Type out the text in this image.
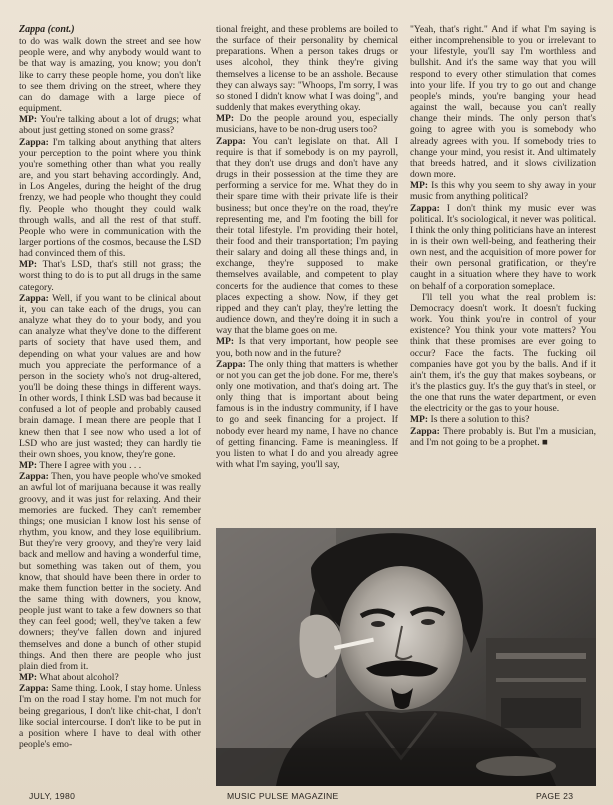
Zappa (cont.)

to do was walk down the street and see how people were, and why anybody would want to be that way is amazing, you know; you don't like to carry these people home, you don't like to see them driving on the street, where they can do damage with a large piece of equipment.

MP: You're talking about a lot of drugs; what about just getting stoned on some grass?

Zappa: I'm talking about anything that alters your perception to the point where you think you're something other than what you really are, and you start behaving accordingly. And, in Los Angeles, during the height of the drug frenzy, we had people who thought they could fly. People who thought they could walk through walls, and all the rest of that stuff. People who were in communication with the larger portions of the cosmos, because the LSD had convinced them of this.

MP: That's LSD, that's still not grass; the worst thing to do is to put all drugs in the same category.

Zappa: Well, if you want to be clinical about it, you can take each of the drugs, you can analyze what they do to your body, and you can analyze what they've done to the different parts of society that have used them, and depending on what your values are and how much you appreciate the performance of a person in the society who's not drug-altered, you'll be doing these things in different ways. In other words, I think LSD was bad because it confused a lot of people and probably caused brain damage. I mean there are people that I knew then that I see now who used a lot of LSD who are just wasted; they can hardly tie their own shoes, you know, they're gone.

MP: There I agree with you . . .

Zappa: Then, you have people who've smoked an awful lot of marijuana because it was really groovy, and it was just for relaxing. And their memories are fucked. They can't remember things; one musician I know lost his sense of rhythm, you know, and they lose equilibrium. But they're very groovy, and they're very laid back and mellow and having a wonderful time, but something was taken out of them, you know, that should have been there in order to make them function better in the society. And the same thing with downers, you know, people just want to take a few downers so that they can feel good; well, they've taken a few downers; they've fallen down and injured themselves and done a bunch of other stupid things. And then there are people who just plain died from it.

MP: What about alcohol?

Zappa: Same thing. Look, I stay home. Unless I'm on the road I stay home. I'm not much for being gregarious, I don't like chit-chat, I don't like social intercourse. I don't like to be put in a position where I have to deal with other people's emo-

tional freight, and these problems are boiled to the surface of their personality by chemical preparations. When a person takes drugs or uses alcohol, they think they're giving themselves a license to be an asshole. Because they can always say: "Whoops, I'm sorry, I was so stoned I didn't know what I was doing", and suddenly that makes everything okay.

MP: Do the people around you, especially musicians, have to be non-drug users too?

Zappa: You can't legislate on that. All I require is that if somebody is on my payroll, that they don't use drugs and don't have any drugs in their possession at the time they are performing a service for me. What they do in their spare time with their private life is their business; but once they're on the road, they're representing me, and I'm footing the bill for their total lifestyle. I'm providing their hotel, their food and their transportation; I'm paying their salary and doing all these things and, in exchange, they're supposed to make themselves available, and competent to play concerts for the audience that comes to these places expecting a show. Now, if they get ripped and they can't play, they're letting the audience down, and they're doing it in such a way that the blame goes on me.

MP: Is that very important, how people see you, both now and in the future?

Zappa: The only thing that matters is whether or not you can get the job done. For me, there's only one motivation, and that's doing art. The only thing that is important about being famous is in the industry community, if I have to go and seek financing for a project. If nobody ever heard my name, I have no chance of getting financing. Fame is meaningless. If you listen to what I do and you already agree with what I'm saying, you'll say,

"Yeah, that's right." And if what I'm saying is either incomprehensible to you or irrelevant to your lifestyle, you'll say I'm worthless and bullshit. And it's the same way that you will respond to every other stimulation that comes into your life. If you try to go out and change people's minds, you're banging your head against the wall, because you can't really change their minds. The only person that's going to agree with you is somebody who already agrees with you. If somebody tries to change your mind, you resist it. And ultimately that breeds hatred, and it slows civilization down more.

MP: Is this why you seem to shy away in your music from anything political?

Zappa: I don't think my music ever was political. It's sociological, it never was political. I think the only thing politicians have an interest in is their own well-being, and feathering their own nest, and the acquisition of more power for their own personal gratification, or they're caught in a situation where they have to work on behalf of a corporation someplace.

I'll tell you what the real problem is: Democracy doesn't work. It doesn't fucking work. You think you're in control of your existence? You think your vote matters? You think that these promises are ever going to occur? Face the facts. The fucking oil companies have got you by the balls. And if it ain't them, it's the guy that makes soybeans, or it's the plastics guy. It's the guy that's in steel, or the one that runs the water department, or even the electricity or the gas to your house.

MP: Is there a solution to this?

Zappa: There probably is. But I'm a musician, and I'm not going to be a prophet. ■

JULY, 1980	MUSIC PULSE MAGAZINE	PAGE 23
